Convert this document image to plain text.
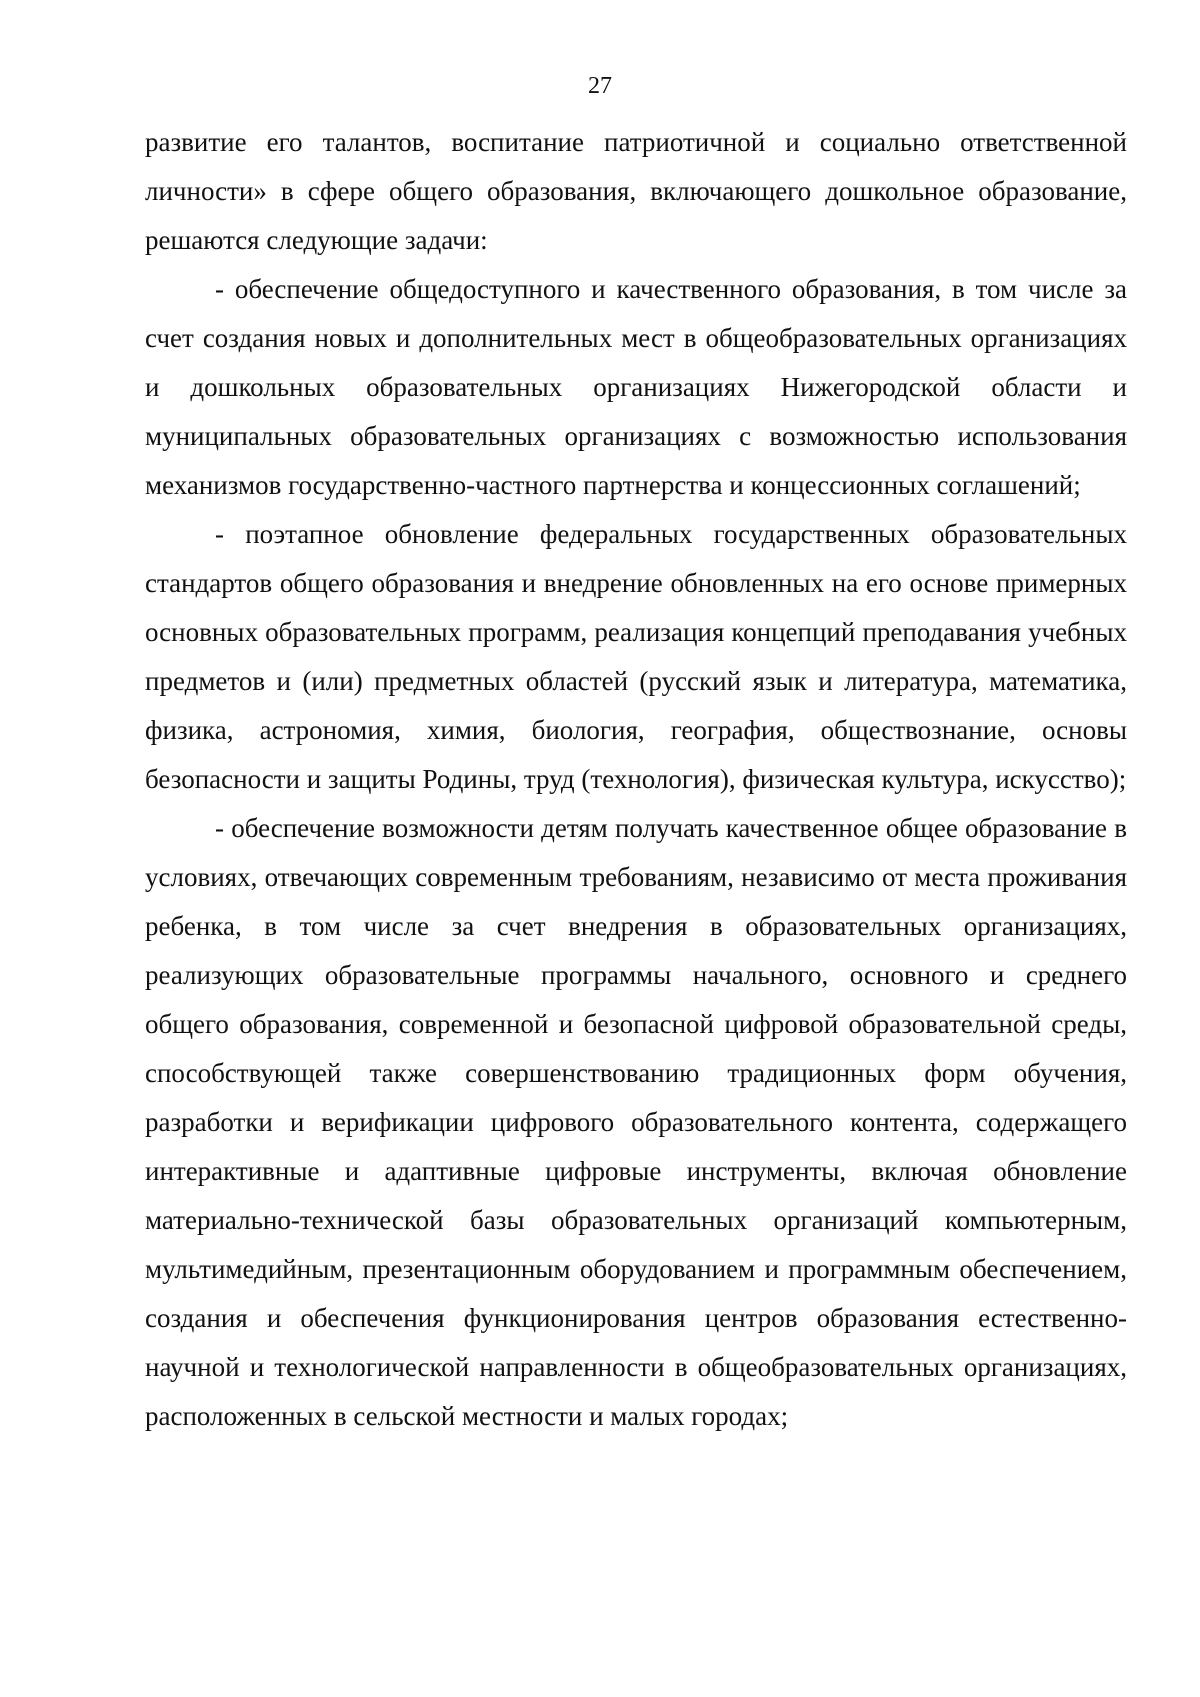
27

развитие его талантов, воспитание патриотичной и социально ответственной личности» в сфере общего образования, включающего дошкольное образование, решаются следующие задачи:

- обеспечение общедоступного и качественного образования, в том числе за счет создания новых и дополнительных мест в общеобразовательных организациях и дошкольных образовательных организациях Нижегородской области и муниципальных образовательных организациях с возможностью использования механизмов государственно-частного партнерства и концессионных соглашений;

- поэтапное обновление федеральных государственных образовательных стандартов общего образования и внедрение обновленных на его основе примерных основных образовательных программ, реализация концепций преподавания учебных предметов и (или) предметных областей (русский язык и литература, математика, физика, астрономия, химия, биология, география, обществознание, основы безопасности и защиты Родины, труд (технология), физическая культура, искусство);

- обеспечение возможности детям получать качественное общее образование в условиях, отвечающих современным требованиям, независимо от места проживания ребенка, в том числе за счет внедрения в образовательных организациях, реализующих образовательные программы начального, основного и среднего общего образования, современной и безопасной цифровой образовательной среды, способствующей также совершенствованию традиционных форм обучения, разработки и верификации цифрового образовательного контента, содержащего интерактивные и адаптивные цифровые инструменты, включая обновление материально-технической базы образовательных организаций компьютерным, мультимедийным, презентационным оборудованием и программным обеспечением, создания и обеспечения функционирования центров образования естественно-научной и технологической направленности в общеобразовательных организациях, расположенных в сельской местности и малых городах;
